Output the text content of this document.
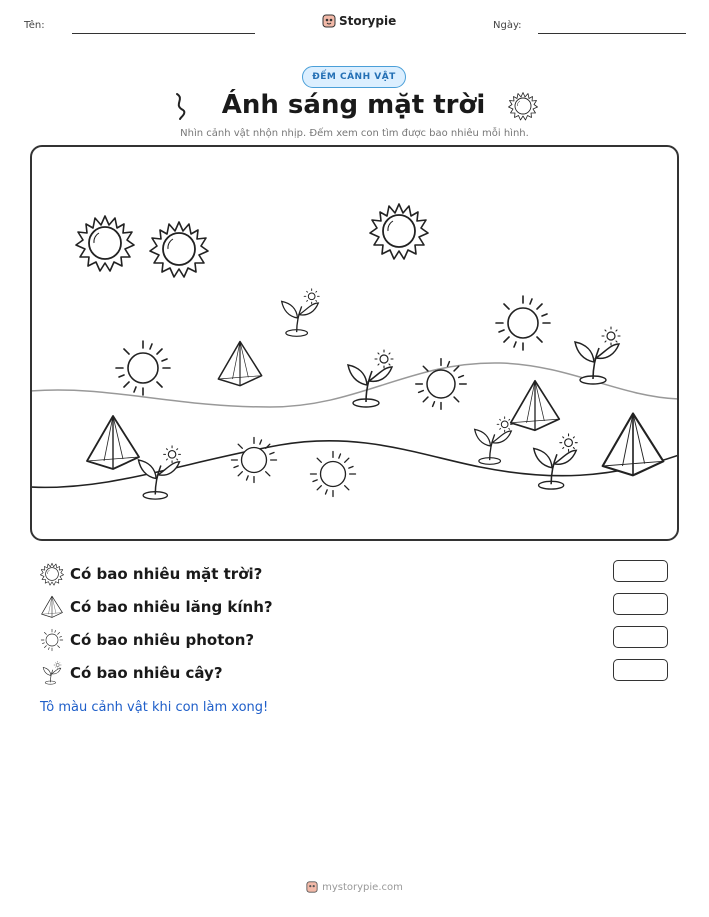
Tên:	Storypie	Ngày:
ĐẾM CẢNH VẬT
Ánh sáng mặt trời
Nhìn cảnh vật nhộn nhịp. Đếm xem con tìm được bao nhiêu mỗi hình.
Có bao nhiêu mặt trời?
Có bao nhiêu lăng kính?
Có bao nhiêu photon?
Có bao nhiêu cây?
Tô màu cảnh vật khi con làm xong!
mystorypie.com
